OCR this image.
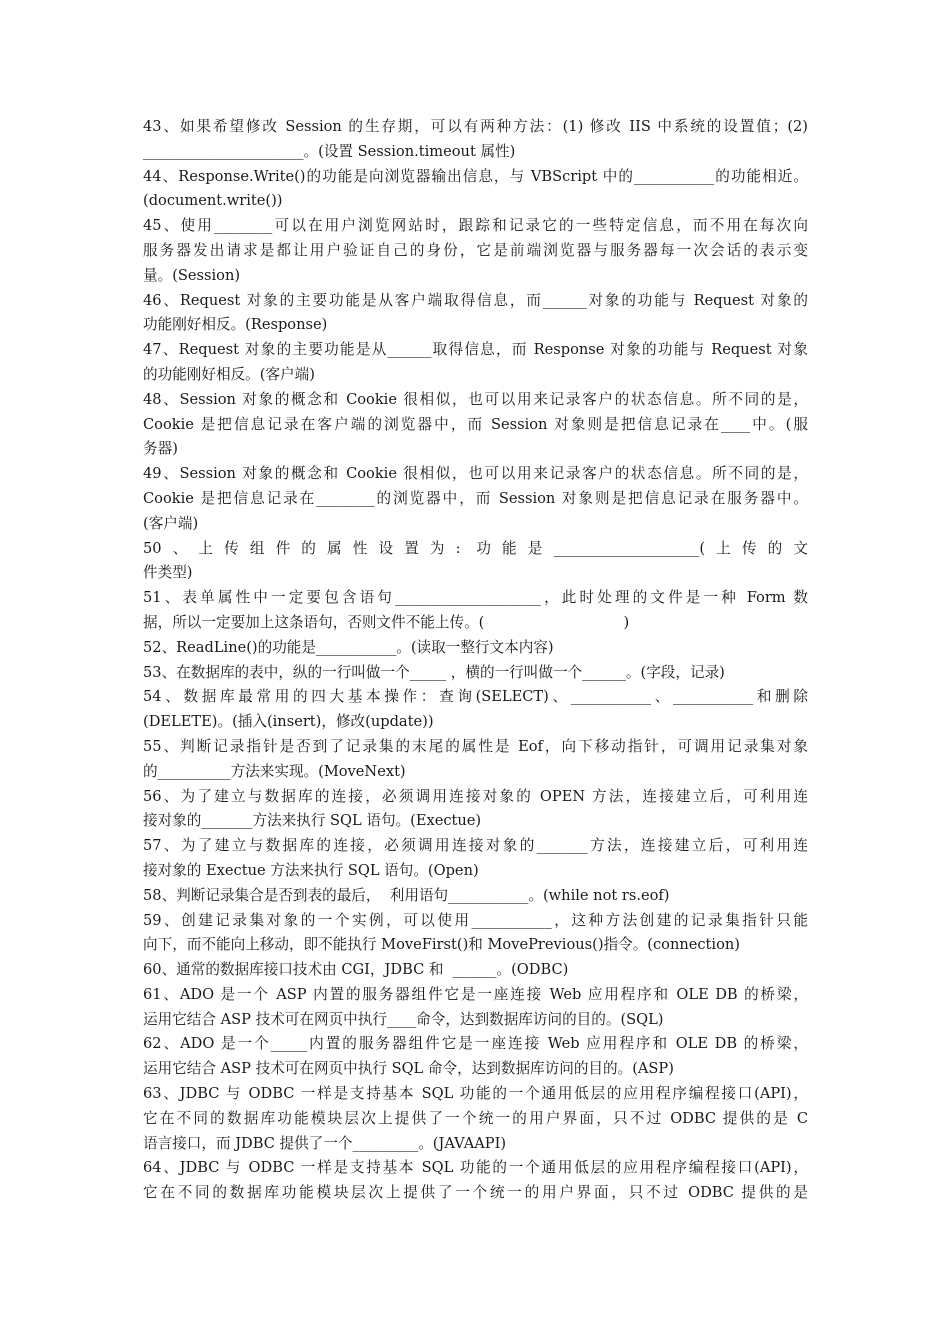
43、如果希望修改 Session 的生存期，可以有两种方法：(1) 修改 IIS 中系统的设置值；(2)
______________________。(设置 Session.timeout 属性)
44、Response.Write()的功能是向浏览器输出信息，与 VBScript 中的___________的功能相近。
(document.write())
45、使用________可以在用户浏览网站时，跟踪和记录它的一些特定信息，而不用在每次向
服务器发出请求是都让用户验证自己的身份，它是前端浏览器与服务器每一次会话的表示变
量。(Session)
46、Request 对象的主要功能是从客户端取得信息，而______对象的功能与 Request 对象的
功能刚好相反。(Response)
47、Request 对象的主要功能是从______取得信息，而 Response 对象的功能与 Request 对象
的功能刚好相反。(客户端)
48、Session 对象的概念和 Cookie 很相似，也可以用来记录客户的状态信息。所不同的是，
Cookie 是把信息记录在客户端的浏览器中，而 Session 对象则是把信息记录在____中。(服
务器)
49、Session 对象的概念和 Cookie 很相似，也可以用来记录客户的状态信息。所不同的是，
Cookie 是把信息记录在________的浏览器中，而 Session 对象则是把信息记录在服务器中。
(客户端)
50、上传组件的属性设置为: 功能是____________________(上传的文
件类型)
51、表单属性中一定要包含语句____________________，此时处理的文件是一种 Form 数
据，所以一定要加上这条语句，否则文件不能上传。(                              )
52、ReadLine()的功能是___________。(读取一整行文本内容)
53、在数据库的表中，纵的一行叫做一个_____ ，横的一行叫做一个______。(字段，记录)
54、数据库最常用的四大基本操作：查询(SELECT)、___________、___________和删除
(DELETE)。(插入(insert)，修改(update))
55、判断记录指针是否到了记录集的末尾的属性是 Eof，向下移动指针，可调用记录集对象
的__________方法来实现。(MoveNext)
56、为了建立与数据库的连接，必须调用连接对象的 OPEN 方法，连接建立后，可利用连
接对象的_______方法来执行 SQL 语句。(Exectue)
57、为了建立与数据库的连接，必须调用连接对象的_______方法，连接建立后，可利用连
接对象的 Exectue 方法来执行 SQL 语句。(Open)
58、判断记录集合是否到表的最后，  利用语句___________。(while not rs.eof)
59、创建记录集对象的一个实例，可以使用___________，这种方法创建的记录集指针只能
向下，而不能向上移动，即不能执行 MoveFirst()和 MovePrevious()指令。(connection)
60、通常的数据库接口技术由 CGI，JDBC 和  ______。(ODBC)
61、ADO 是一个 ASP 内置的服务器组件它是一座连接 Web 应用程序和 OLE DB 的桥梁，
运用它结合 ASP 技术可在网页中执行____命令，达到数据库访问的目的。(SQL)
62、ADO 是一个_____内置的服务器组件它是一座连接 Web 应用程序和 OLE DB 的桥梁，
运用它结合 ASP 技术可在网页中执行 SQL 命令，达到数据库访问的目的。(ASP)
63、JDBC 与 ODBC 一样是支持基本 SQL 功能的一个通用低层的应用程序编程接口(API)，
它在不同的数据库功能模块层次上提供了一个统一的用户界面，只不过 ODBC 提供的是 C
语言接口，而 JDBC 提供了一个_________。(JAVAAPI)
64、JDBC 与 ODBC 一样是支持基本 SQL 功能的一个通用低层的应用程序编程接口(API)，
它在不同的数据库功能模块层次上提供了一个统一的用户界面，只不过 ODBC 提供的是
